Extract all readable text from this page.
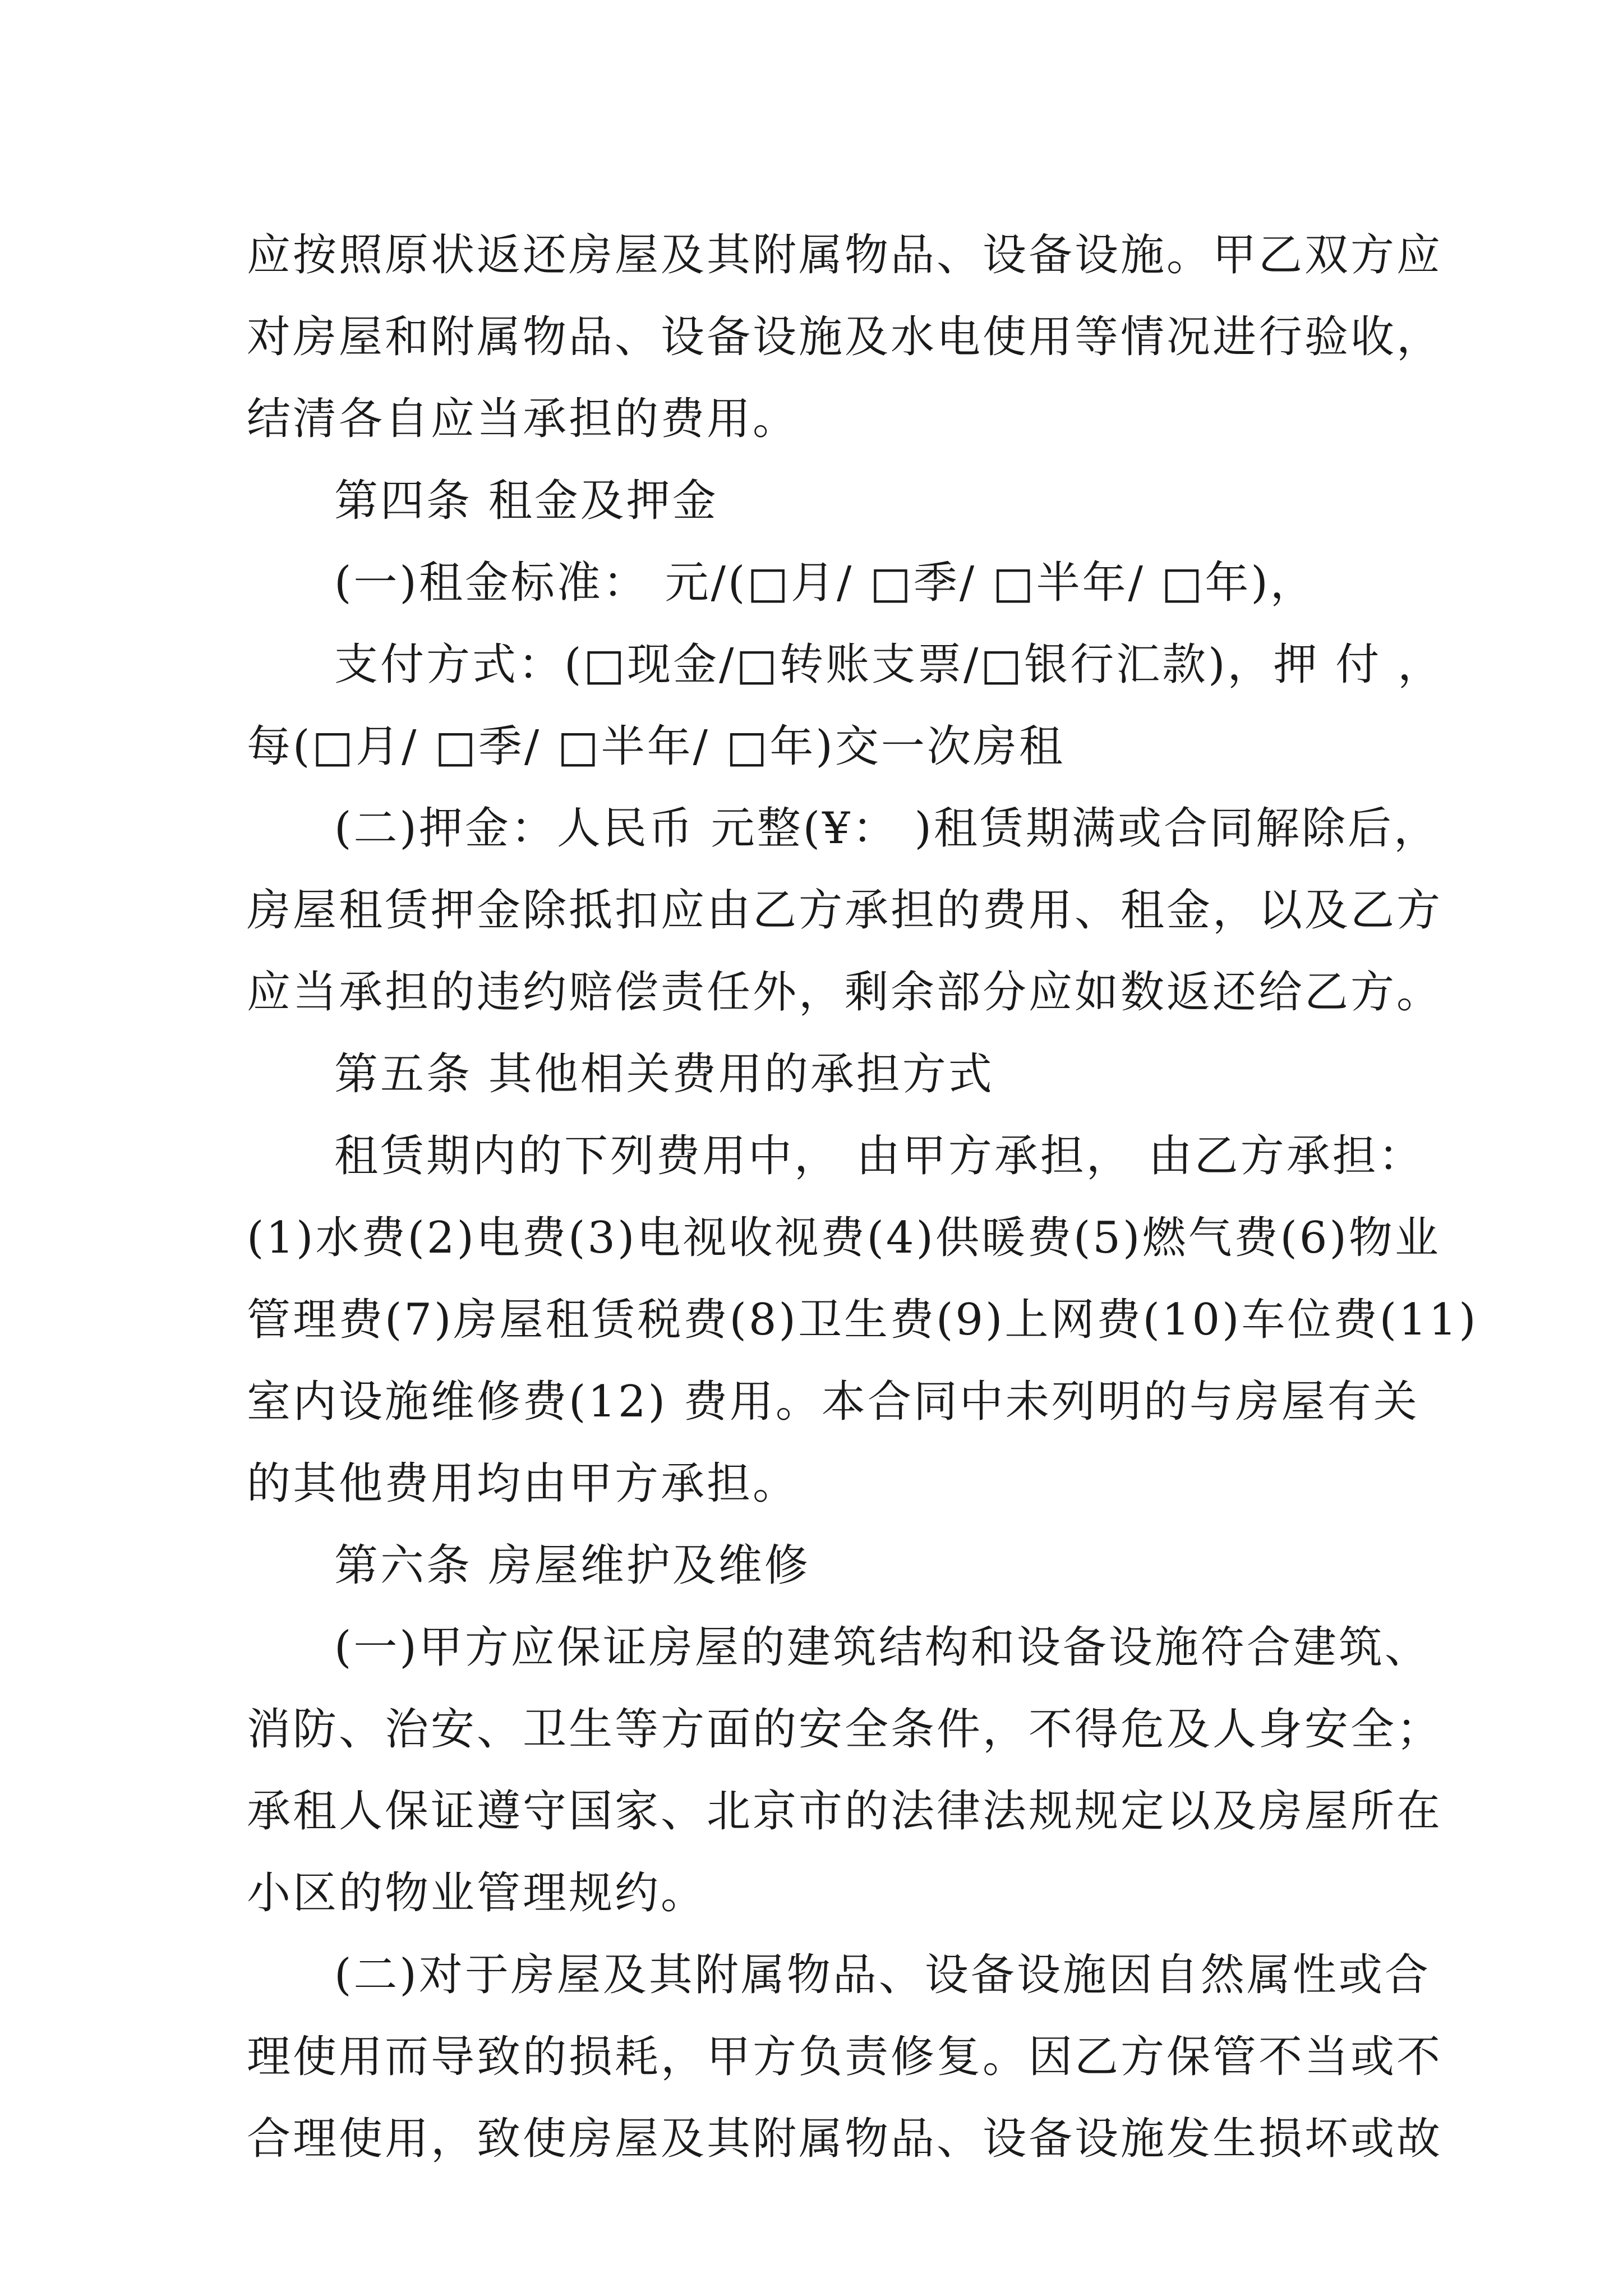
应按照原状返还房屋及其附属物品、设备设施。甲乙双方应
对房屋和附属物品、设备设施及水电使用等情况进行验收，
结清各自应当承担的费用。
第四条 租金及押金
(一)租金标准： 元/(□月/ □季/ □半年/ □年)，
支付方式：(□现金/□转账支票/□银行汇款)，押 付 ，
每(□月/ □季/ □半年/ □年)交一次房租
(二)押金：人民币 元整(¥： )租赁期满或合同解除后，
房屋租赁押金除抵扣应由乙方承担的费用、租金，以及乙方
应当承担的违约赔偿责任外，剩余部分应如数返还给乙方。
第五条 其他相关费用的承担方式
租赁期内的下列费用中， 由甲方承担， 由乙方承担：
(1)水费(2)电费(3)电视收视费(4)供暖费(5)燃气费(6)物业
管理费(7)房屋租赁税费(8)卫生费(9)上网费(10)车位费(11)
室内设施维修费(12) 费用。本合同中未列明的与房屋有关
的其他费用均由甲方承担。
第六条 房屋维护及维修
(一)甲方应保证房屋的建筑结构和设备设施符合建筑、
消防、治安、卫生等方面的安全条件，不得危及人身安全；
承租人保证遵守国家、北京市的法律法规规定以及房屋所在
小区的物业管理规约。
(二)对于房屋及其附属物品、设备设施因自然属性或合
理使用而导致的损耗，甲方负责修复。因乙方保管不当或不
合理使用，致使房屋及其附属物品、设备设施发生损坏或故
